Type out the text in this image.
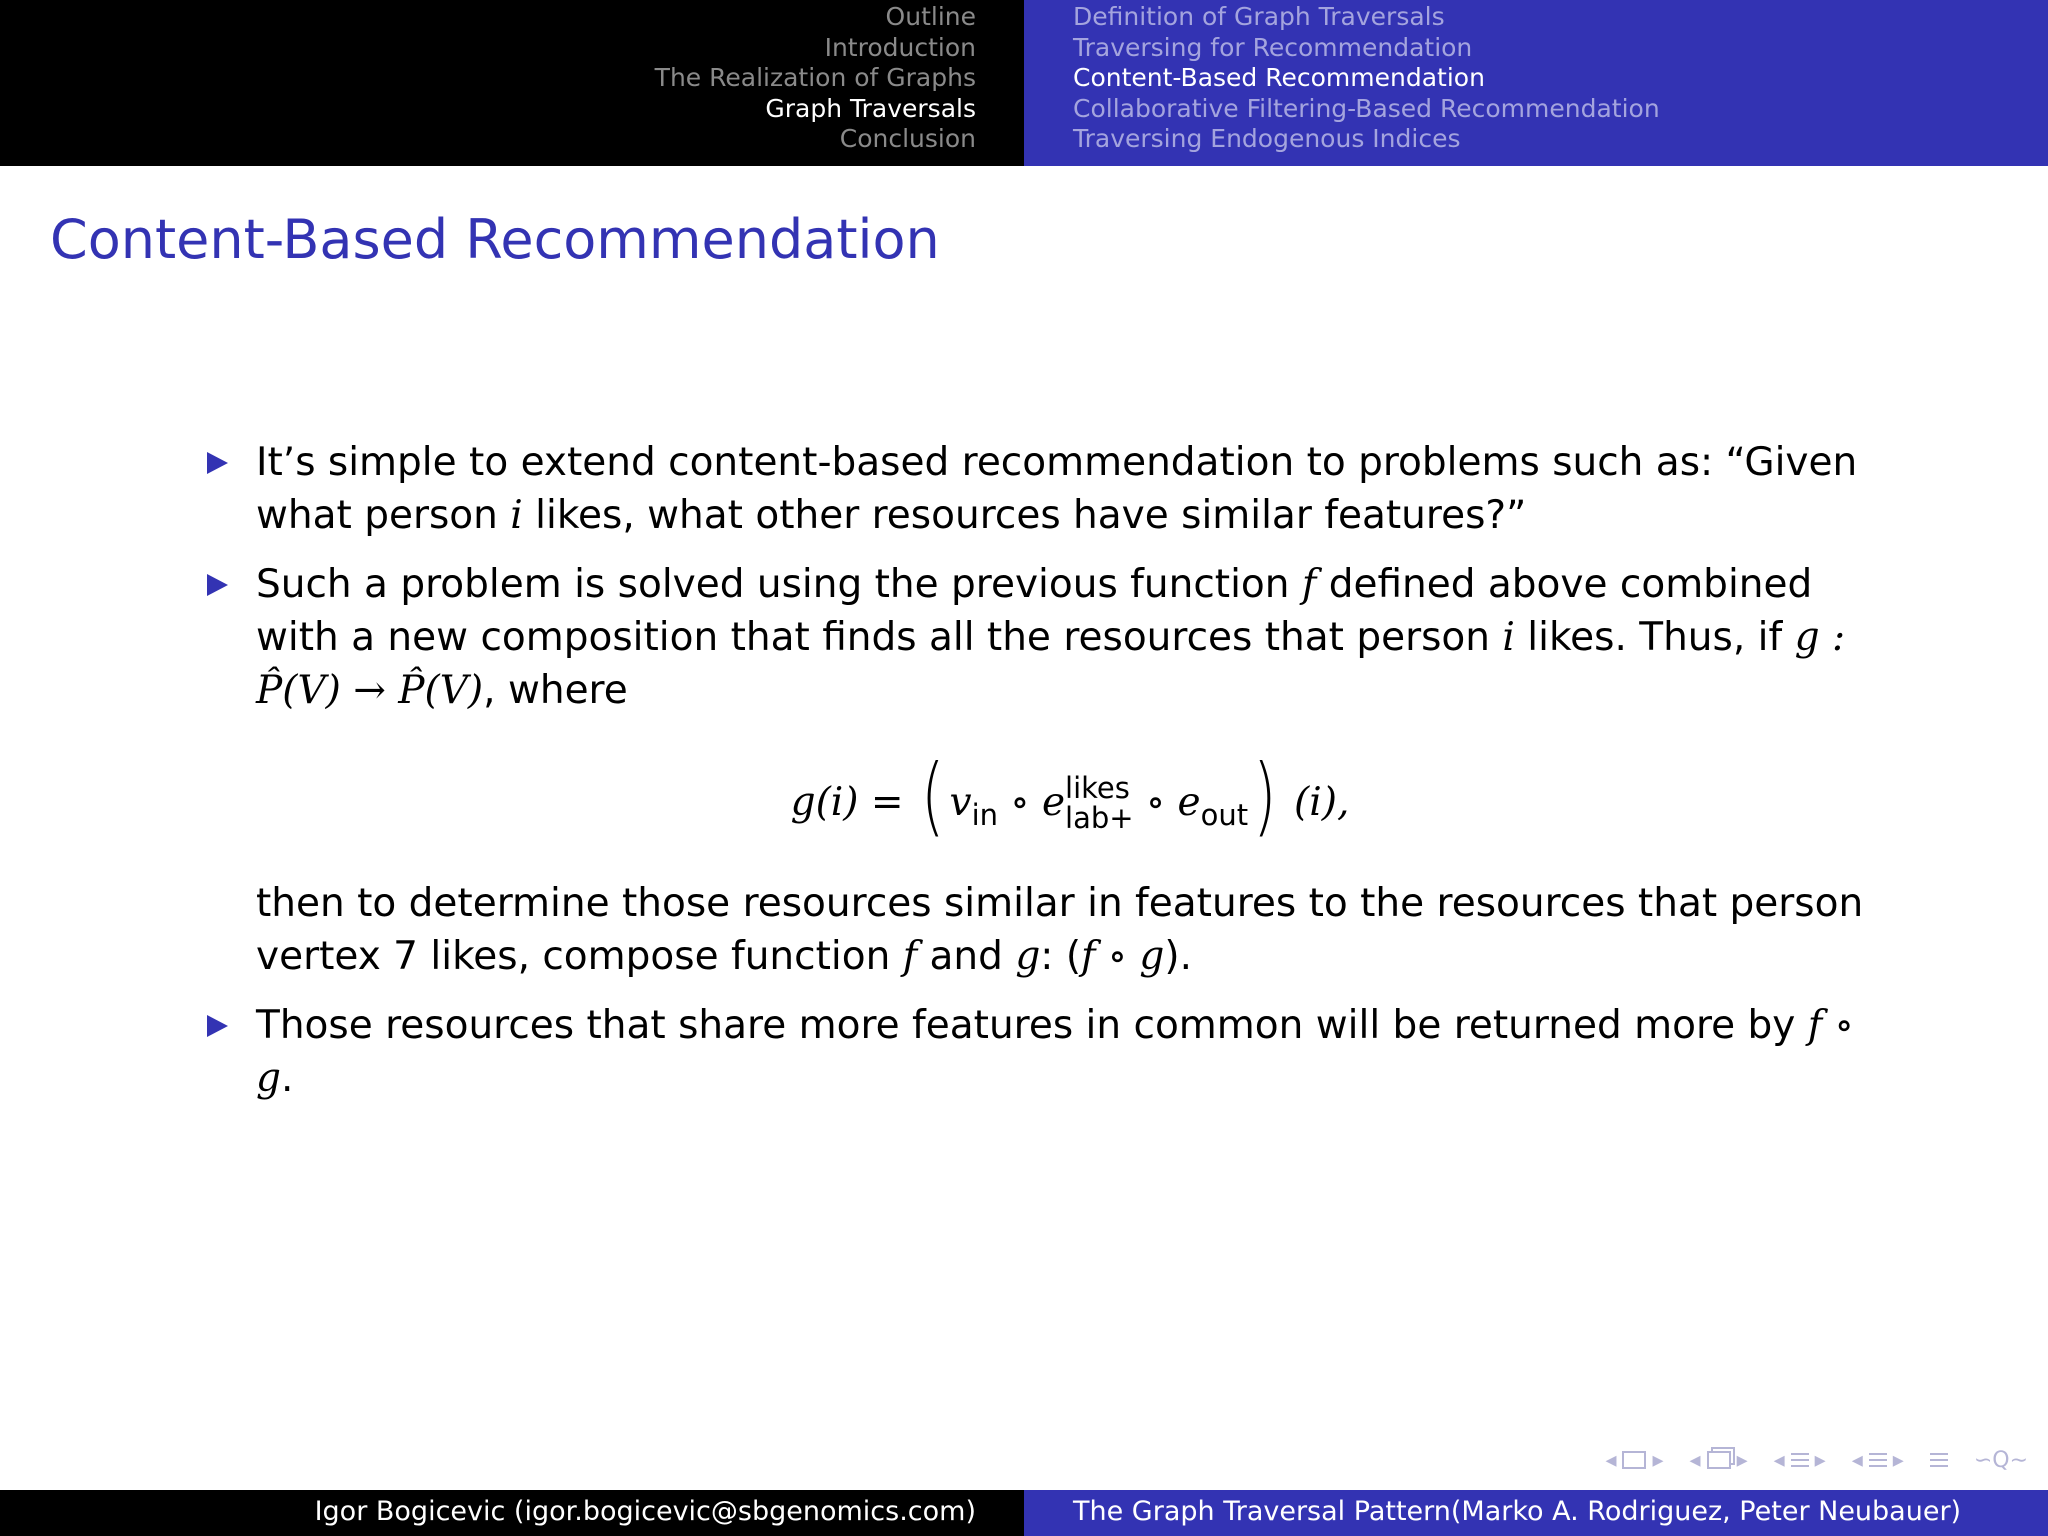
Outline
Introduction
The Realization of Graphs
Graph Traversals
Conclusion
Definition of Graph Traversals
Traversing for Recommendation
Content-Based Recommendation
Collaborative Filtering-Based Recommendation
Traversing Endogenous Indices
Content-Based Recommendation
It’s simple to extend content-based recommendation to problems such as: “Given what person i likes, what other resources have similar features?”
Such a problem is solved using the previous function f defined above combined with a new composition that finds all the resources that person i likes. Thus, if g : P̂(V) → P̂(V), where
g(i) = ( $v_{in}$ ∘ e likes
lab+ ∘ $e_{out}$) (i),
then to determine those resources similar in features to the resources that person vertex 7 likes, compose function f and g: (f ∘ g).
Those resources that share more features in common will be returned more by f ∘ g.
◂ ▸ ◂ ▸ ◂ ▸ ◂ ▸	∽Q∼
Igor Bogicevic (igor.bogicevic@sbgenomics.com)	The Graph Traversal Pattern(Marko A. Rodriguez, Peter Neubauer)
